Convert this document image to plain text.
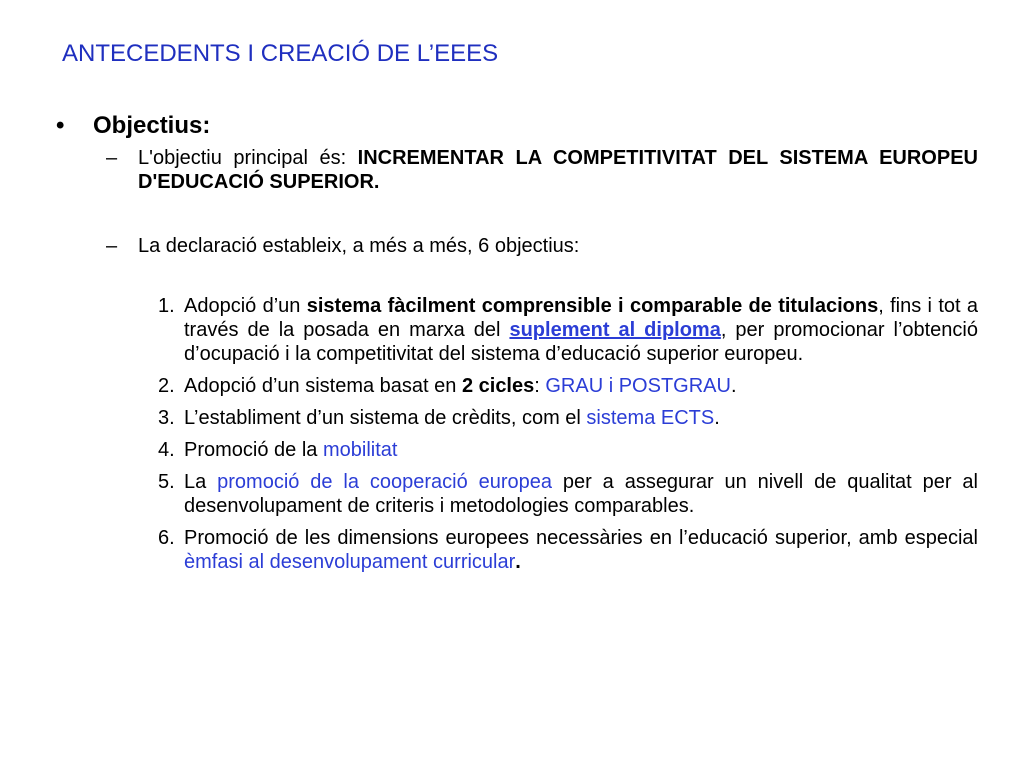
ANTECEDENTS I CREACIÓ DE L’EEES
• Objectius:
– L'objectiu principal és: INCREMENTAR LA COMPETITIVITAT DEL SISTEMA EUROPEU D'EDUCACIÓ SUPERIOR.
– La declaració estableix, a més a més, 6 objectius:
1. Adopció d’un sistema fàcilment comprensible i comparable de titulacions, fins i tot a través de la posada en marxa del suplement al diploma, per promocionar l’obtenció d’ocupació i la competitivitat del sistema d’educació superior europeu.
2. Adopció d’un sistema basat en 2 cicles: GRAU i POSTGRAU.
3. L’establiment d’un sistema de crèdits, com el sistema ECTS.
4. Promoció de la mobilitat
5. La promoció de la cooperació europea per a assegurar un nivell de qualitat per al desenvolupament de criteris i metodologies comparables.
6. Promoció de les dimensions europees necessàries en l’educació superior, amb especial èmfasi al desenvolupament curricular.
